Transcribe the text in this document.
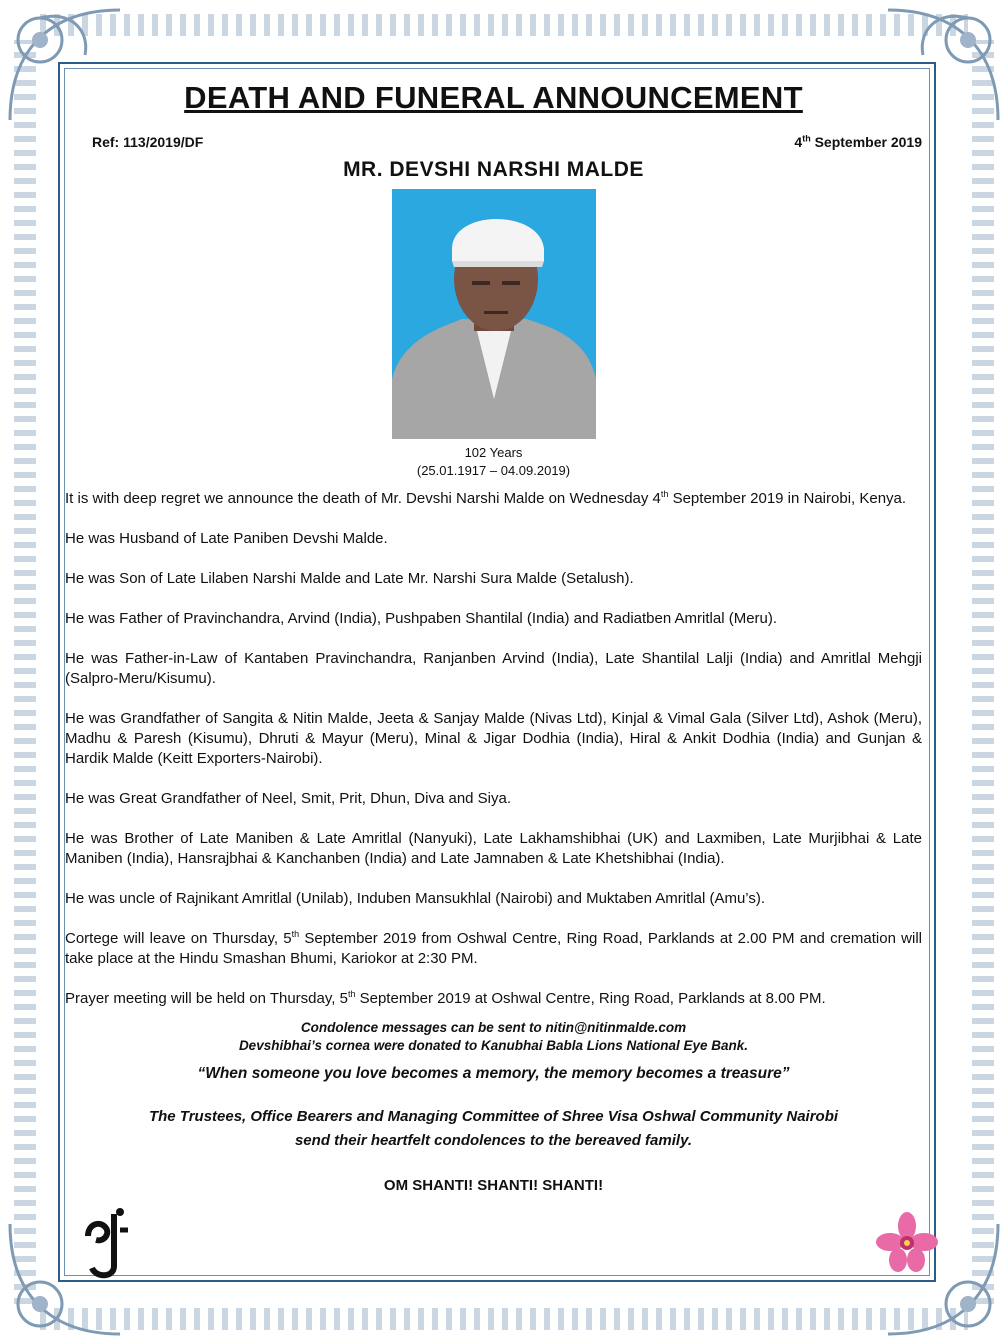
DEATH AND FUNERAL ANNOUNCEMENT
Ref: 113/2019/DF	4th September 2019
MR. DEVSHI NARSHI MALDE
102 Years
(25.01.1917 – 04.09.2019)

It is with deep regret we announce the death of Mr. Devshi Narshi Malde on Wednesday 4th September 2019 in Nairobi, Kenya.

He was Husband of Late Paniben Devshi Malde.

He was Son of Late Lilaben Narshi Malde and Late Mr. Narshi Sura Malde (Setalush).

He was Father of Pravinchandra, Arvind (India), Pushpaben Shantilal (India) and Radiatben Amritlal (Meru).

He was Father-in-Law of Kantaben Pravinchandra, Ranjanben Arvind (India), Late Shantilal Lalji (India) and Amritlal Mehgji (Salpro-Meru/Kisumu).

He was Grandfather of Sangita & Nitin Malde, Jeeta & Sanjay Malde (Nivas Ltd), Kinjal & Vimal Gala (Silver Ltd), Ashok (Meru), Madhu & Paresh (Kisumu), Dhruti & Mayur (Meru), Minal & Jigar Dodhia (India), Hiral & Ankit Dodhia (India) and Gunjan & Hardik Malde (Keitt Exporters-Nairobi).

He was Great Grandfather of Neel, Smit, Prit, Dhun, Diva and Siya.

He was Brother of Late Maniben & Late Amritlal (Nanyuki), Late Lakhamshibhai (UK) and Laxmiben, Late Murjibhai & Late Maniben (India), Hansrajbhai & Kanchanben (India) and Late Jamnaben & Late Khetshibhai (India).

He was uncle of Rajnikant Amritlal (Unilab), Induben Mansukhlal (Nairobi) and Muktaben Amritlal (Amu’s).

Cortege will leave on Thursday, 5th September 2019 from Oshwal Centre, Ring Road, Parklands at 2.00 PM and cremation will take place at the Hindu Smashan Bhumi, Kariokor at 2:30 PM.

Prayer meeting will be held on Thursday, 5th September 2019 at Oshwal Centre, Ring Road, Parklands at 8.00 PM.

Condolence messages can be sent to nitin@nitinmalde.com
Devshibhai’s cornea were donated to Kanubhai Babla Lions National Eye Bank.
“When someone you love becomes a memory, the memory becomes a treasure”
The Trustees, Office Bearers and Managing Committee of Shree Visa Oshwal Community Nairobi
send their heartfelt condolences to the bereaved family.
OM SHANTI! SHANTI! SHANTI!
